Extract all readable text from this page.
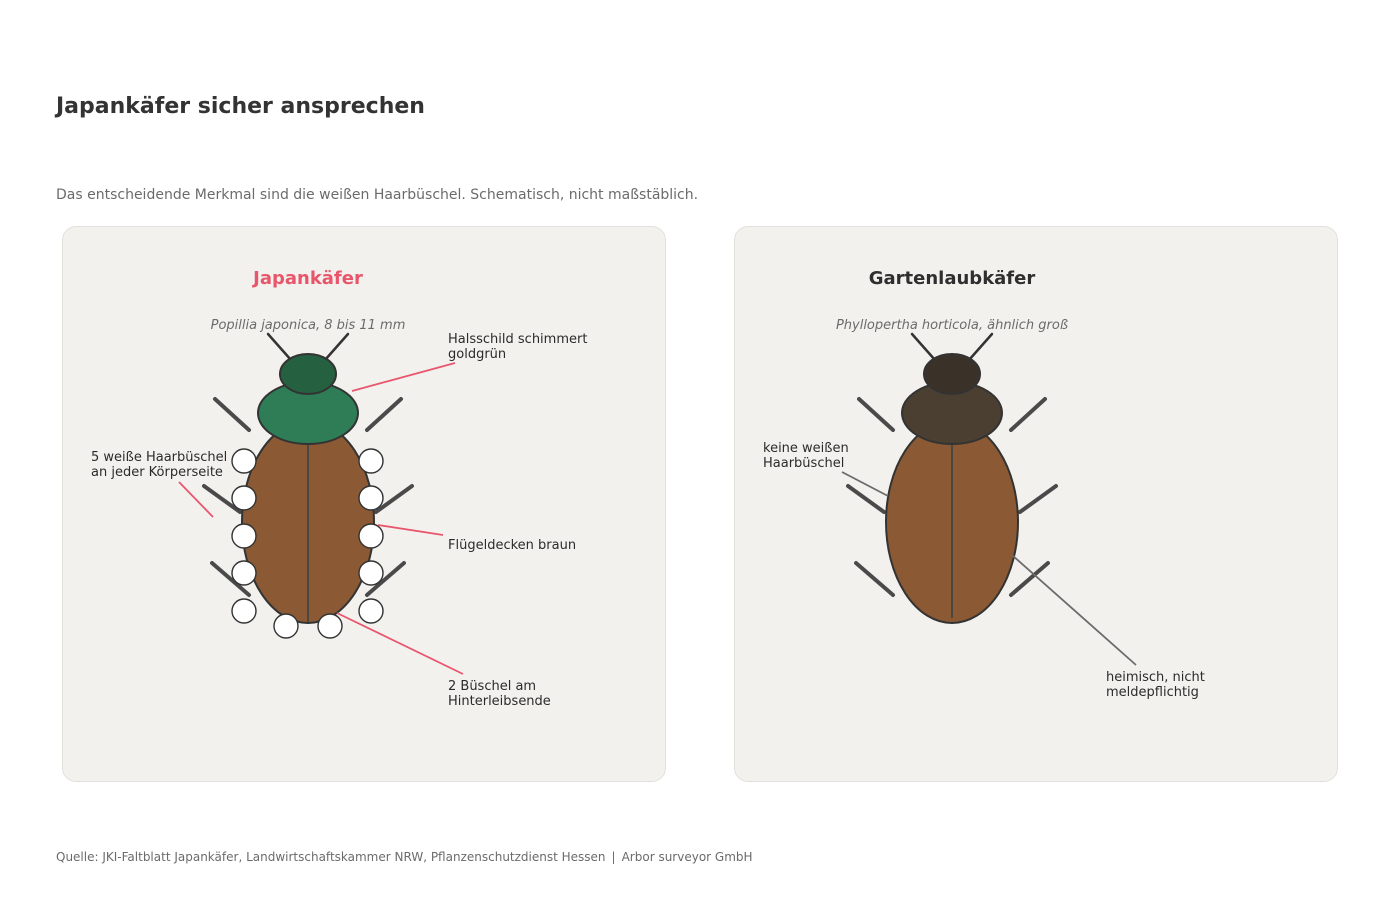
Japankäfer sicher ansprechen
Das entscheidende Merkmal sind die weißen Haarbüschel. Schematisch, nicht maßstäblich.
Japankäfer
Popillia japonica, 8 bis 11 mm
Halsschild schimmert goldgrün
5 weiße Haarbüschel an jeder Körperseite
Flügeldecken braun
2 Büschel am Hinterleibsende
Gartenlaubkäfer
Phyllopertha horticola, ähnlich groß
keine weißen Haarbüschel
heimisch, nicht meldepflichtig
Quelle: JKI-Faltblatt Japankäfer, Landwirtschaftskammer NRW, Pflanzenschutzdienst Hessen | Arbor surveyor GmbH
